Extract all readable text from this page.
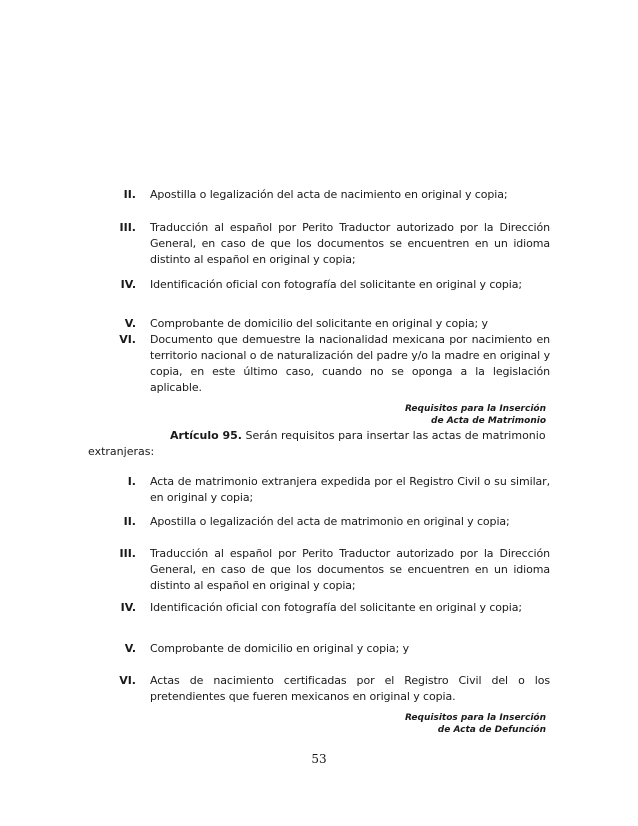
II.	Apostilla o legalización del acta de nacimiento en original y copia;
III.	Traducción al español por Perito Traductor autorizado por la Dirección General, en caso de que los documentos se encuentren en un idioma distinto al español en original y copia;
IV.	Identificación oficial con fotografía del solicitante en original y copia;
V.	Comprobante de domicilio del solicitante en original y copia; y
VI.	Documento que demuestre la nacionalidad mexicana por nacimiento en territorio nacional o de naturalización del padre y/o la madre en original y copia, en este último caso, cuando no se oponga a la legislación aplicable.
Requisitos para la Inserción
de Acta de Matrimonio
Artículo 95. Serán requisitos para insertar las actas de matrimonio
extranjeras:
I.	Acta de matrimonio extranjera expedida por el Registro Civil o su similar, en original y copia;
II.	Apostilla o legalización del acta de matrimonio en original y copia;
III.	Traducción al español por Perito Traductor autorizado por la Dirección General, en caso de que los documentos se encuentren en un idioma distinto al español en original y copia;
IV.	Identificación oficial con fotografía del solicitante en original y copia;
V.	Comprobante de domicilio en original y copia; y
VI.	Actas de nacimiento certificadas por el Registro Civil del o los pretendientes que fueren mexicanos en original y copia.
Requisitos para la Inserción
de Acta de Defunción
53
